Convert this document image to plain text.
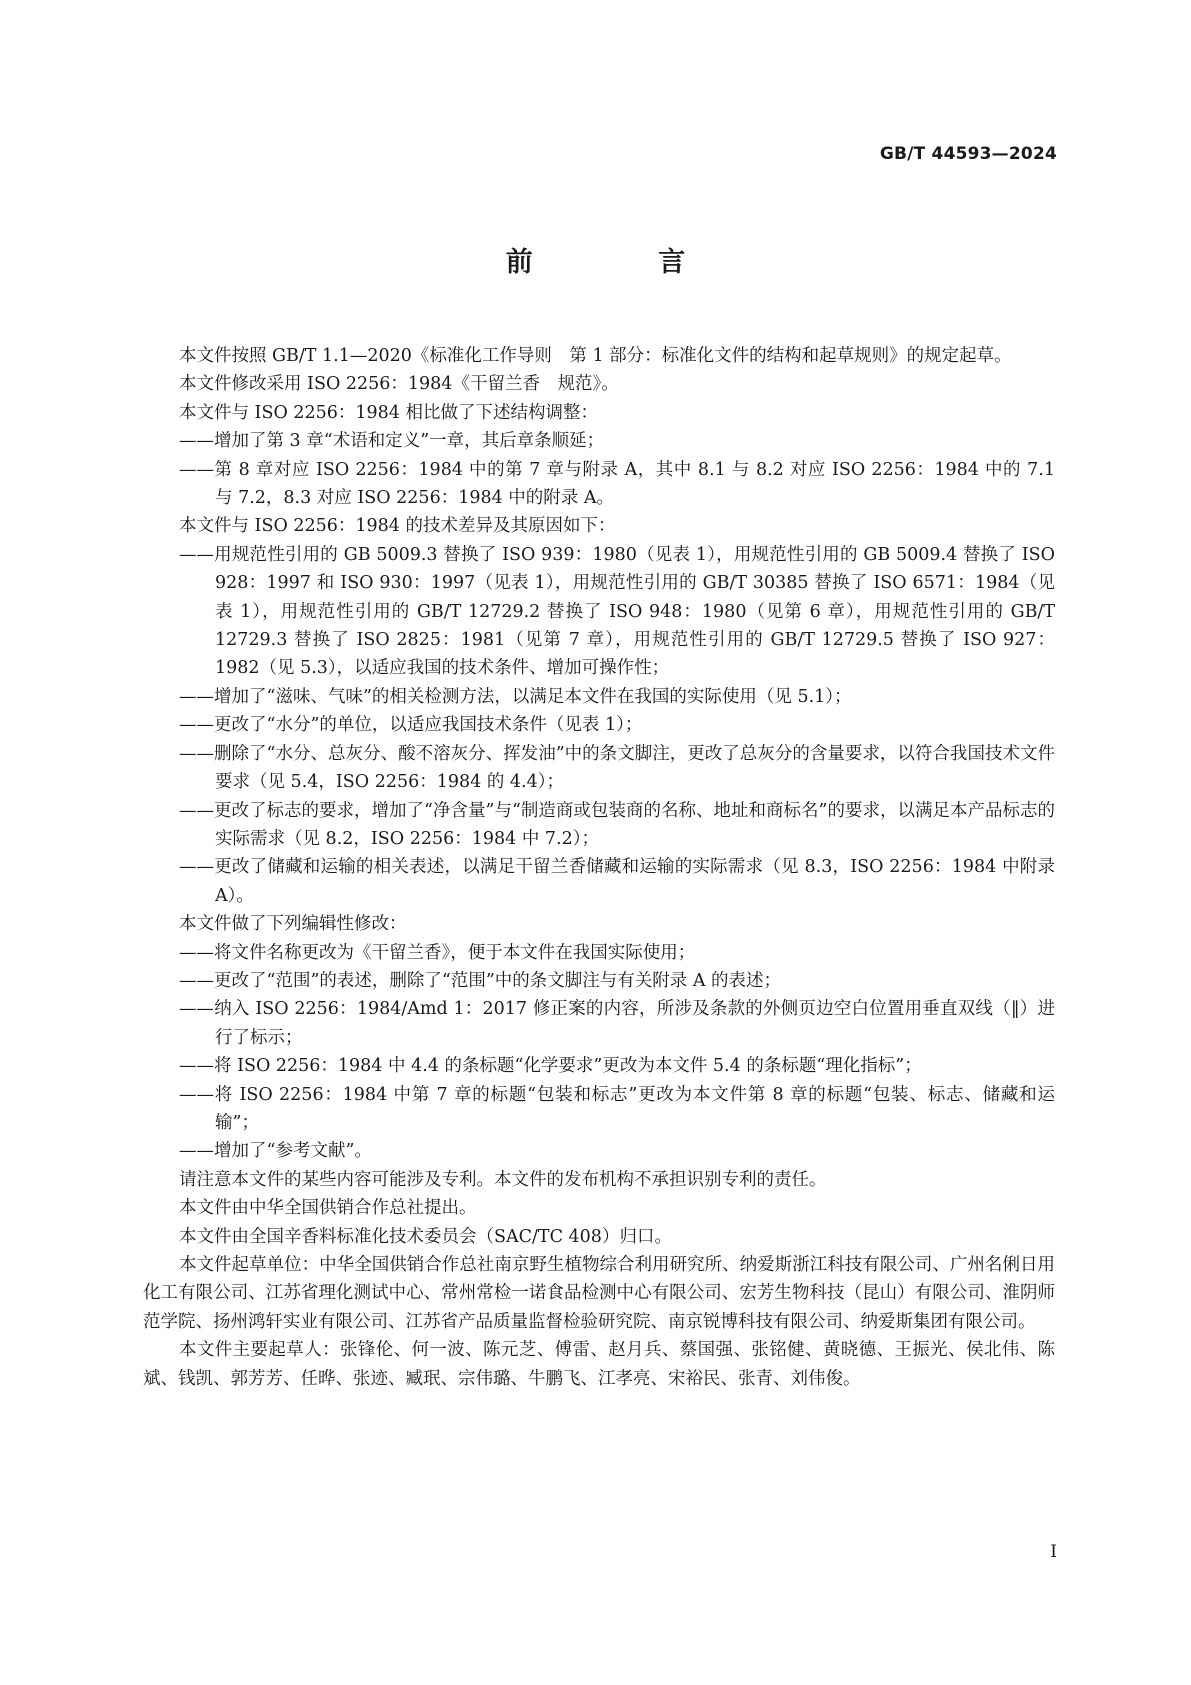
GB/T 44593—2024
前 言

本文件按照 GB/T 1.1—2020《标准化工作导则　第 1 部分：标准化文件的结构和起草规则》的规定起草。

本文件修改采用 ISO 2256：1984《干留兰香　规范》。

本文件与 ISO 2256：1984 相比做了下述结构调整：

——增加了第 3 章“术语和定义”一章，其后章条顺延；

——第 8 章对应 ISO 2256：1984 中的第 7 章与附录 A，其中 8.1 与 8.2 对应 ISO 2256：1984 中的 7.1 与 7.2，8.3 对应 ISO 2256：1984 中的附录 A。

本文件与 ISO 2256：1984 的技术差异及其原因如下：

——用规范性引用的 GB 5009.3 替换了 ISO 939：1980（见表 1），用规范性引用的 GB 5009.4 替换了 ISO 928：1997 和 ISO 930：1997（见表 1），用规范性引用的 GB/T 30385 替换了 ISO 6571：1984（见表 1），用规范性引用的 GB/T 12729.2 替换了 ISO 948：1980（见第 6 章），用规范性引用的 GB/T 12729.3 替换了 ISO 2825：1981（见第 7 章），用规范性引用的 GB/T 12729.5 替换了 ISO 927：1982（见 5.3），以适应我国的技术条件、增加可操作性；

——增加了“滋味、气味”的相关检测方法，以满足本文件在我国的实际使用（见 5.1）；

——更改了“水分”的单位，以适应我国技术条件（见表 1）；

——删除了“水分、总灰分、酸不溶灰分、挥发油”中的条文脚注，更改了总灰分的含量要求，以符合我国技术文件要求（见 5.4，ISO 2256：1984 的 4.4）；

——更改了标志的要求，增加了“净含量”与“制造商或包装商的名称、地址和商标名”的要求，以满足本产品标志的实际需求（见 8.2，ISO 2256：1984 中 7.2）；

——更改了储藏和运输的相关表述，以满足干留兰香储藏和运输的实际需求（见 8.3，ISO 2256：1984 中附录 A）。

本文件做了下列编辑性修改：

——将文件名称更改为《干留兰香》，便于本文件在我国实际使用；

——更改了“范围”的表述，删除了“范围”中的条文脚注与有关附录 A 的表述；

——纳入 ISO 2256：1984/Amd 1：2017 修正案的内容，所涉及条款的外侧页边空白位置用垂直双线（‖）进行了标示；

——将 ISO 2256：1984 中 4.4 的条标题“化学要求”更改为本文件 5.4 的条标题“理化指标”；

——将 ISO 2256：1984 中第 7 章的标题“包装和标志”更改为本文件第 8 章的标题“包装、标志、储藏和运输”；

——增加了“参考文献”。

请注意本文件的某些内容可能涉及专利。本文件的发布机构不承担识别专利的责任。

本文件由中华全国供销合作总社提出。

本文件由全国辛香料标准化技术委员会（SAC/TC 408）归口。

本文件起草单位：中华全国供销合作总社南京野生植物综合利用研究所、纳爱斯浙江科技有限公司、广州名俐日用化工有限公司、江苏省理化测试中心、常州常检一诺食品检测中心有限公司、宏芳生物科技（昆山）有限公司、淮阴师范学院、扬州鸿轩实业有限公司、江苏省产品质量监督检验研究院、南京锐博科技有限公司、纳爱斯集团有限公司。

本文件主要起草人：张锋伦、何一波、陈元芝、傅雷、赵月兵、蔡国强、张铭健、黄晓德、王振光、侯北伟、陈斌、钱凯、郭芳芳、任晔、张迹、臧珉、宗伟璐、牛鹏飞、江孝亮、宋裕民、张青、刘伟俊。

I
